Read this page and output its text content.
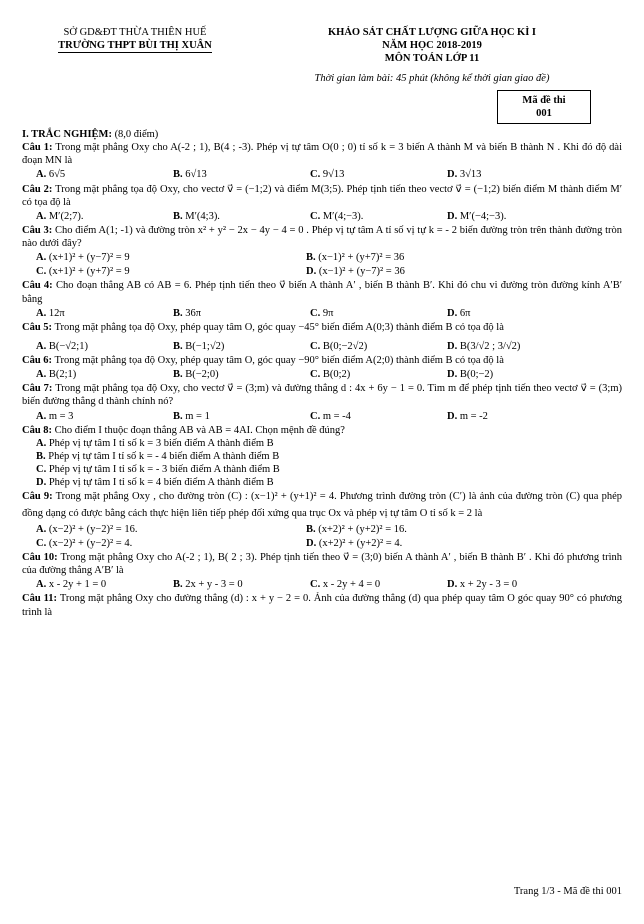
SỞ GD&ĐT THỪA THIÊN HUẾ
TRƯỜNG THPT BÙI THỊ XUÂN
KHẢO SÁT CHẤT LƯỢNG GIỮA HỌC KÌ I
NĂM HỌC 2018-2019
MÔN TOÁN LỚP 11
Thời gian làm bài: 45 phút (không kể thời gian giao đề)
Mã đề thi
001

I. TRẮC NGHIỆM: (8,0 điểm)

Câu 1: Trong mặt phẳng Oxy cho A(-2 ; 1), B(4 ; -3). Phép vị tự tâm O(0 ; 0) tỉ số k = 3 biến A thành M và biến B thành N . Khi đó độ dài đoạn MN là

A. 6√5	B. 6√13	C. 9√13	D. 3√13

Câu 2: Trong mặt phẳng tọa độ Oxy, cho vectơ v⃗ = (−1;2) và điểm M(3;5). Phép tịnh tiến theo vectơ v⃗ = (−1;2) biến điểm M thành điểm M′ có tọa độ là

A. M′(2;7).	B. M′(4;3).	C. M′(4;−3).	D. M′(−4;−3).

Câu 3: Cho điểm A(1; -1) và đường tròn x² + y² − 2x − 4y − 4 = 0 . Phép vị tự tâm A tỉ số vị tự k = - 2 biến đường tròn trên thành đường tròn nào dưới đây?

A. (x+1)² + (y−7)² = 9	B. (x−1)² + (y+7)² = 36
C. (x+1)² + (y+7)² = 9	D. (x−1)² + (y−7)² = 36

Câu 4: Cho đoạn thẳng AB có AB = 6. Phép tịnh tiến theo v⃗ biến A thành A′ , biến B thành B′. Khi đó chu vi đường tròn đường kính A′B′ bằng

A. 12π	B. 36π	C. 9π	D. 6π

Câu 5: Trong mặt phẳng tọa độ Oxy, phép quay tâm O, góc quay −45° biến điểm A(0;3) thành điểm B có tọa độ là

A. B(−√2;1)	B. B(−1;√2)	C. B(0;−2√2)	D. B(3/√2 ; 3/√2)

Câu 6: Trong mặt phẳng tọa độ Oxy, phép quay tâm O, góc quay −90° biến điểm A(2;0) thành điểm B có tọa độ là

A. B(2;1)	B. B(−2;0)	C. B(0;2)	D. B(0;−2)

Câu 7: Trong mặt phẳng tọa độ Oxy, cho vectơ v⃗ = (3;m) và đường thẳng d : 4x + 6y − 1 = 0. Tìm m để phép tịnh tiến theo vectơ v⃗ = (3;m) biến đường thẳng d thành chính nó?

A. m = 3	B. m = 1	C. m = -4	D. m = -2

Câu 8: Cho điểm I thuộc đoạn thẳng AB và AB = 4AI. Chọn mệnh đề đúng?

A. Phép vị tự tâm I tỉ số k = 3 biến điểm A thành điểm B
B. Phép vị tự tâm I tỉ số k = - 4 biến điểm A thành điểm B
C. Phép vị tự tâm I tỉ số k = - 3 biến điểm A thành điểm B
D. Phép vị tự tâm I tỉ số k = 4 biến điểm A thành điểm B

Câu 9: Trong mặt phẳng Oxy , cho đường tròn (C) : (x−1)² + (y+1)² = 4. Phương trình đường tròn (C′) là ảnh của đường tròn (C) qua phép đồng dạng có được bằng cách thực hiện liên tiếp phép đối xứng qua trục Ox và phép vị tự tâm O tỉ số k = 2 là

A. (x−2)² + (y−2)² = 16.	B. (x+2)² + (y+2)² = 16.
C. (x−2)² + (y−2)² = 4.	D. (x+2)² + (y+2)² = 4.

Câu 10: Trong mặt phẳng Oxy cho A(-2 ; 1), B( 2 ; 3). Phép tịnh tiến theo v⃗ = (3;0) biến A thành A′ , biến B thành B′ . Khi đó phương trình của đường thẳng A′B′ là

A. x - 2y + 1 = 0	B. 2x + y - 3 = 0	C. x - 2y + 4 = 0	D. x + 2y - 3 = 0

Câu 11: Trong mặt phẳng Oxy cho đường thẳng (d) : x + y − 2 = 0. Ảnh của đường thẳng (d) qua phép quay tâm O góc quay 90° có phương trình là

Trang 1/3 - Mã đề thi 001
